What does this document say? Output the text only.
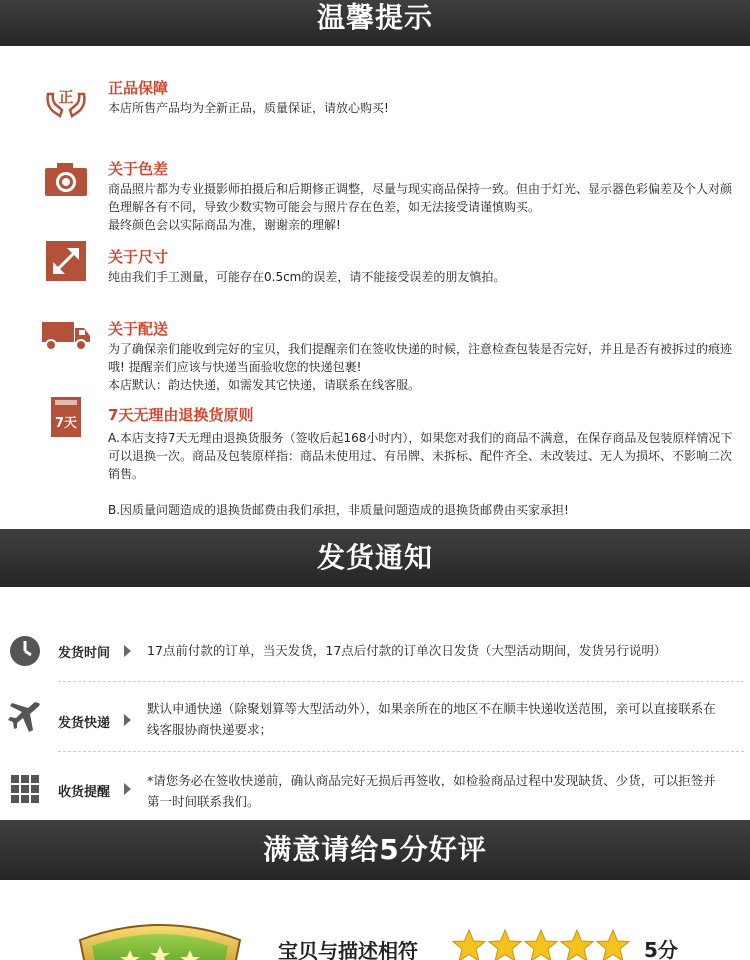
温馨提示
正 正品保障

本店所售产品均为全新正品，质量保证，请放心购买!

关于色差

商品照片都为专业摄影师拍摄后和后期修正调整，尽量与现实商品保持一致。但由于灯光、显示器色彩偏差及个人对颜色理解各有不同，导致少数实物可能会与照片存在色差，如无法接受请谨慎购买。

最终颜色会以实际商品为准，谢谢亲的理解!

关于尺寸

纯由我们手工测量，可能存在0.5cm的误差，请不能接受误差的朋友慎拍。

关于配送

为了确保亲们能收到完好的宝贝，我们提醒亲们在签收快递的时候，注意检查包装是否完好，并且是否有被拆过的痕迹哦! 提醒亲们应该与快递当面验收您的快递包裹!

本店默认：韵达快递，如需发其它快递，请联系在线客服。

7天 7天无理由退换货原则

A.本店支持7天无理由退换货服务（签收后起168小时内），如果您对我们的商品不满意，在保存商品及包装原样情况下可以退换一次。商品及包装原样指：商品未使用过、有吊牌、未拆标、配件齐全、未改装过、无人为损坏、不影响二次销售。

B.因质量问题造成的退换货邮费由我们承担，非质量问题造成的退换货邮费由买家承担!

发货通知
发货时间	17点前付款的订单，当天发货，17点后付款的订单次日发货（大型活动期间，发货另行说明）
发货快递
默认申通快递（除聚划算等大型活动外），如果亲所在的地区不在顺丰快递收送范围，亲可以直接联系在线客服协商快递要求；
收货提醒
*请您务必在签收快递前，确认商品完好无损后再签收，如检验商品过程中发现缺货、少货，可以拒签并第一时间联系我们。
满意请给5分好评
宝贝与描述相符	5分
